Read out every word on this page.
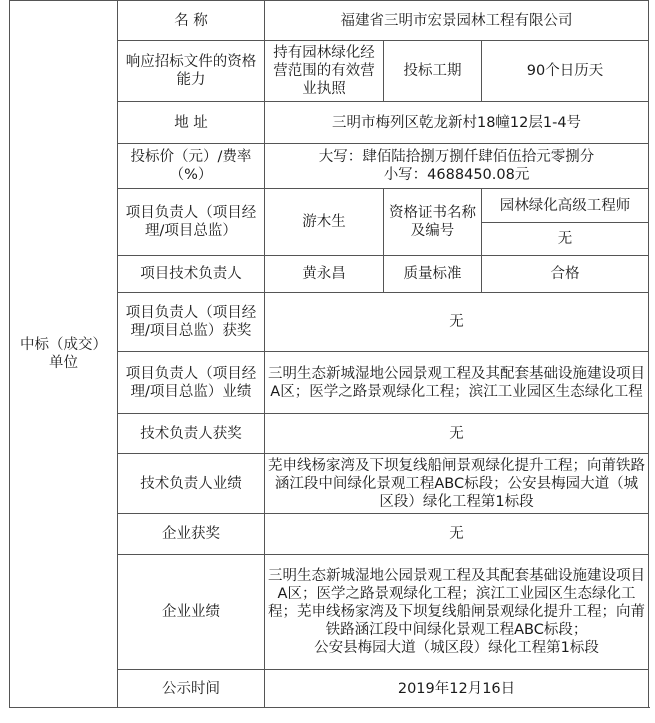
中标（成交）单位	名 称	福建省三明市宏景园林工程有限公司		
	响应招标文件的资格能力	持有园林绿化经营范围的有效营业执照	投标工期	90个日历天
	地 址	三明市梅列区乾龙新村18幢12层1-4号		
	投标价（元）/费率（%）	大写：肆佰陆拾捌万捌仟肆佰伍拾元零捌分
小写：4688450.08元		

	项目负责人（项目经理/项目总监）	游木生	资格证书名称及编号	园林绿化高级工程师
				无
	项目技术负责人	黄永昌	质量标准	合格
	项目负责人（项目经理/项目总监）获奖	无		
	项目负责人（项目经理/项目总监）业绩	三明生态新城湿地公园景观工程及其配套基础设施建设项目A区；医学之路景观绿化工程；滨江工业园区生态绿化工程		
	技术负责人获奖	无		
	技术负责人业绩	芜申线杨家湾及下坝复线船闸景观绿化提升工程；向莆铁路涵江段中间绿化景观工程ABC标段；公安县梅园大道（城区段）绿化工程第1标段		
	企业获奖	无		
	企业业绩	三明生态新城湿地公园景观工程及其配套基础设施建设项目A区；医学之路景观绿化工程；滨江工业园区生态绿化工程；芜申线杨家湾及下坝复线船闸景观绿化提升工程；向莆铁路涵江段中间绿化景观工程ABC标段；
公安县梅园大道（城区段）绿化工程第1标段		

	公示时间	2019年12月16日		
